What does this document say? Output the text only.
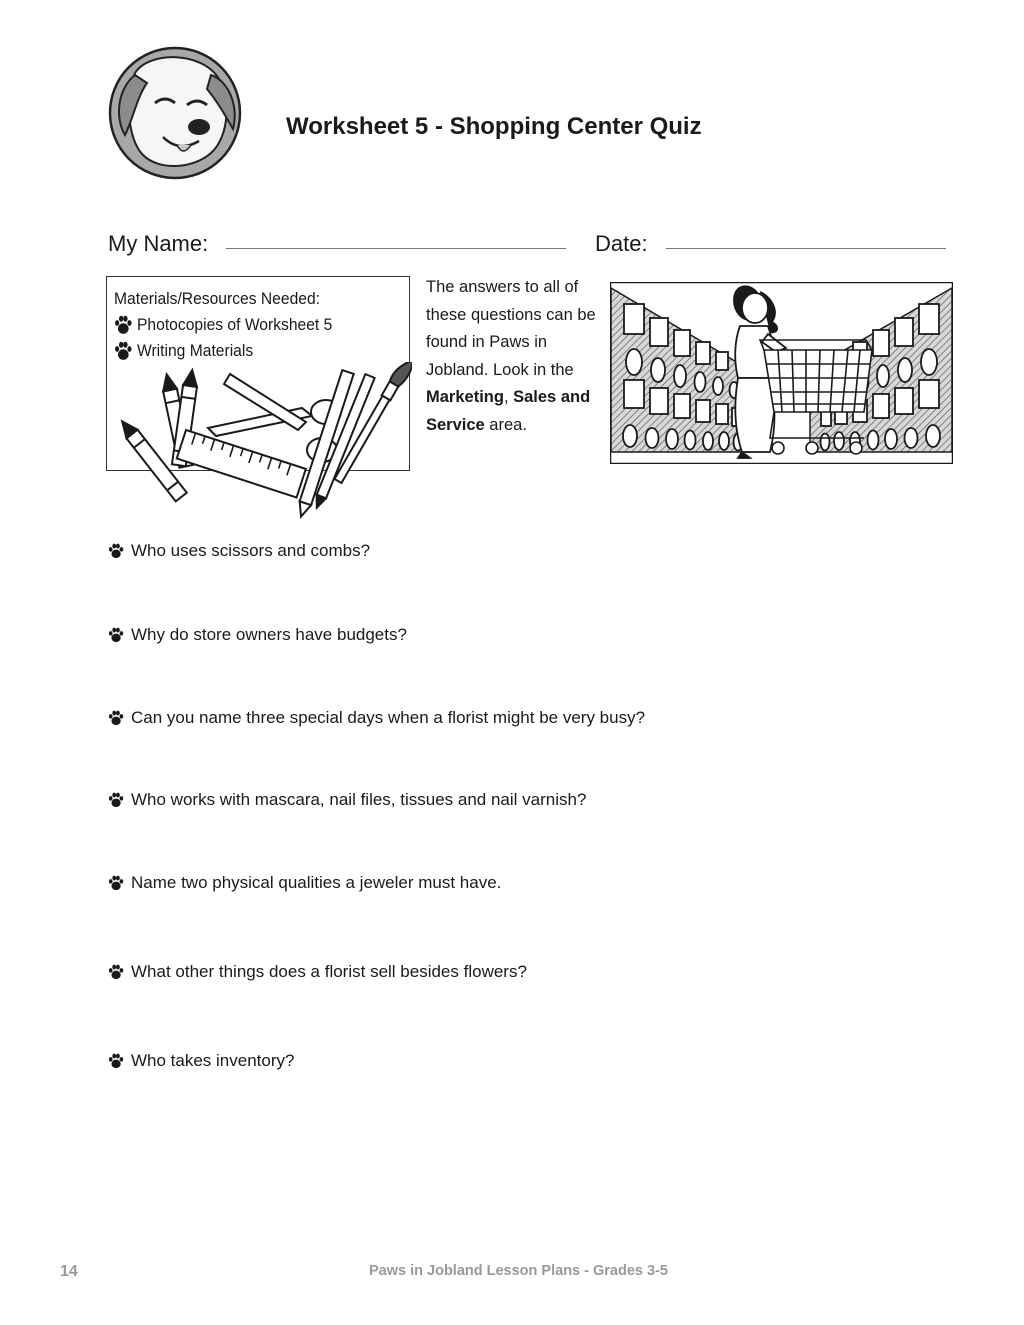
Worksheet 5 - Shopping Center Quiz
My Name:	Date:
Materials/Resources Needed:
Photocopies of Worksheet 5
Writing Materials
The answers to all of these questions can be found in Paws in Jobland. Look in the Marketing, Sales and Service area.
Who uses scissors and combs?
Why do store owners have budgets?
Can you name three special days when a florist might be very busy?
Who works with mascara, nail files, tissues and nail varnish?
Name two physical qualities a jeweler must have.
What other things does a florist sell besides flowers?
Who takes inventory?
14	Paws in Jobland Lesson Plans - Grades 3-5
